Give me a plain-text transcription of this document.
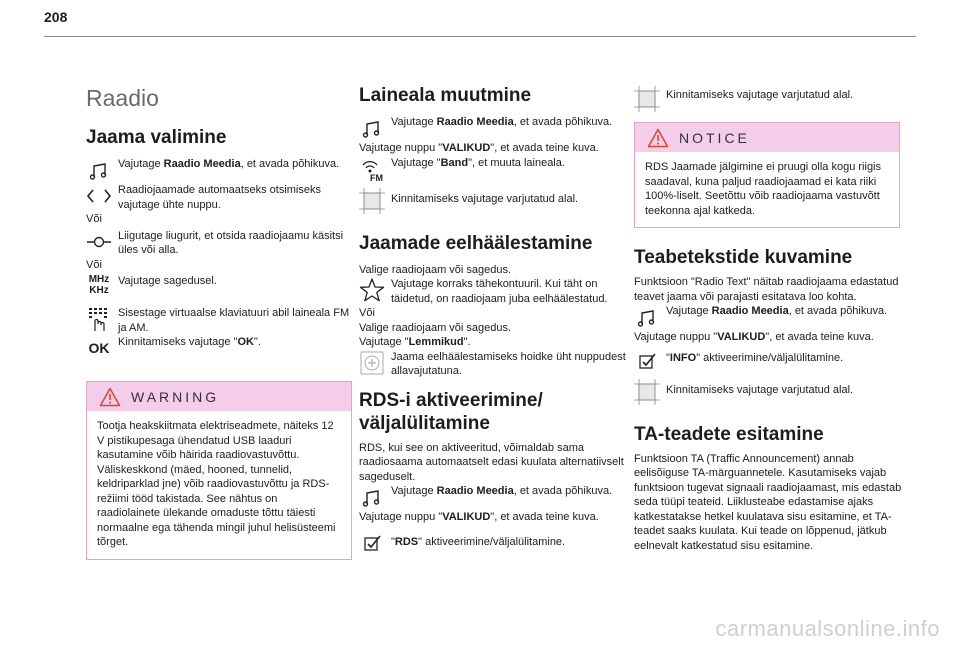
208
Raadio
Jaama valimine

Vajutage Raadio Meedia, et avada põhikuva.

Raadiojaamade automaatseks otsimiseks vajutage ühte nuppu.

Või

Liigutage liugurit, et otsida raadiojaamu käsitsi üles või alla.

Või

MHz
KHz

Vajutage sagedusel.

Sisestage virtuaalse klaviatuuri abil laineala FM ja AM.

OK Kinnitamiseks vajutage "OK".

WARNING

Tootja heakskiitmata elektriseadmete, näiteks 12 V pistikupesaga ühendatud USB laaduri kasutamine võib häirida raadiovastuvõttu. Väliskeskkond (mäed, hooned, tunnelid, keldriparklad jne) võib raadiovastuvõttu ja RDS-režiimi tööd takistada. See nähtus on raadiolainete ülekande omaduste tõttu täiesti normaalne ega tähenda mingil juhul helisüsteemi tõrget.

Laineala muutmine

Vajutage Raadio Meedia, et avada põhikuva.

Vajutage nuppu "VALIKUD", et avada teine kuva.

FM

Vajutage "Band", et muuta laineala.

Kinnitamiseks vajutage varjutatud alal.

Jaamade eelhäälestamine

Valige raadiojaam või sagedus.

Vajutage korraks tähekontuuril. Kui täht on täidetud, on raadiojaam juba eelhäälestatud.

Või

Valige raadiojaam või sagedus.

Vajutage "Lemmikud".

Jaama eelhäälestamiseks hoidke üht nuppudest allavajutatuna.

RDS-i aktiveerimine/
väljalülitamine

RDS, kui see on aktiveeritud, võimaldab sama raadiosaama automaatselt edasi kuulata alternatiivselt sageduselt.

Vajutage Raadio Meedia, et avada põhikuva.

Vajutage nuppu "VALIKUD", et avada teine kuva.

"RDS" aktiveerimine/väljalülitamine.

Kinnitamiseks vajutage varjutatud alal.

NOTICE

RDS Jaamade jälgimine ei pruugi olla kogu riigis saadaval, kuna paljud raadiojaamad ei kata riiki 100%-liselt. Seetõttu võib raadiojaama vastuvõtt teekonna ajal katkeda.

Teabetekstide kuvamine

Funktsioon "Radio Text" näitab raadiojaama edastatud teavet jaama või parajasti esitatava loo kohta.

Vajutage Raadio Meedia, et avada põhikuva.

Vajutage nuppu "VALIKUD", et avada teine kuva.

"INFO" aktiveerimine/väljalülitamine.

Kinnitamiseks vajutage varjutatud alal.

TA-teadete esitamine

Funktsioon TA (Traffic Announcement) annab eelisõiguse TA-märguannetele. Kasutamiseks vajab funktsioon tugevat signaali raadiojaamast, mis edastab seda tüüpi teateid. Liiklusteabe edastamise ajaks katkestatakse hetkel kuulatava sisu esitamine, et TA-teadet saaks kuulata. Kui teade on lõppenud, jätkub eelnevalt katkestatud sisu esitamine.

carmanualsonline.info
